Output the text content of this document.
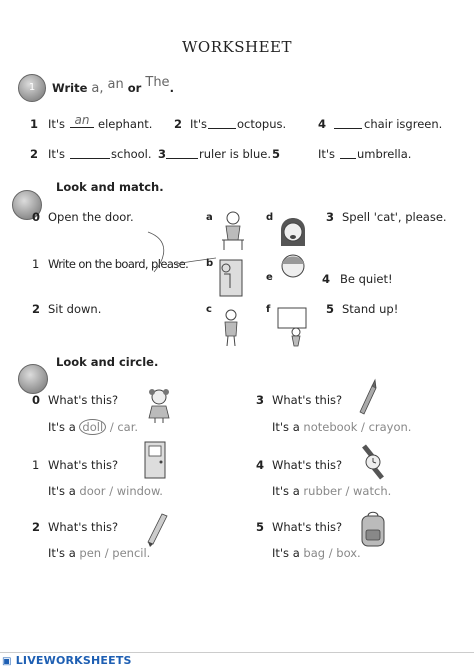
WORKSHEET
1	Write a, an or The.
1 It's $^{an}$ elephant. 2 It's	octopus.	4	chair isgreen.
2 It's	school. 3	ruler is blue. 5	It's umbrella.
Look and match.
0 Open the door.
1 Write on the board, please.
2 Sit down.
a	d
b
e
c	f
3 Spell 'cat', please.
4 Be quiet!
5 Stand up!
Look and circle.
0 What's this?
It's a doll / car.
3 What's this?
It's a notebook / crayon.
1 What's this?
It's a door / window.
4 What's this?
It's a rubber / watch.
2 What's this?
It's a pen / pencil.
5 What's this?
It's a bag / box.
▣ LIVEWORKSHEETS
